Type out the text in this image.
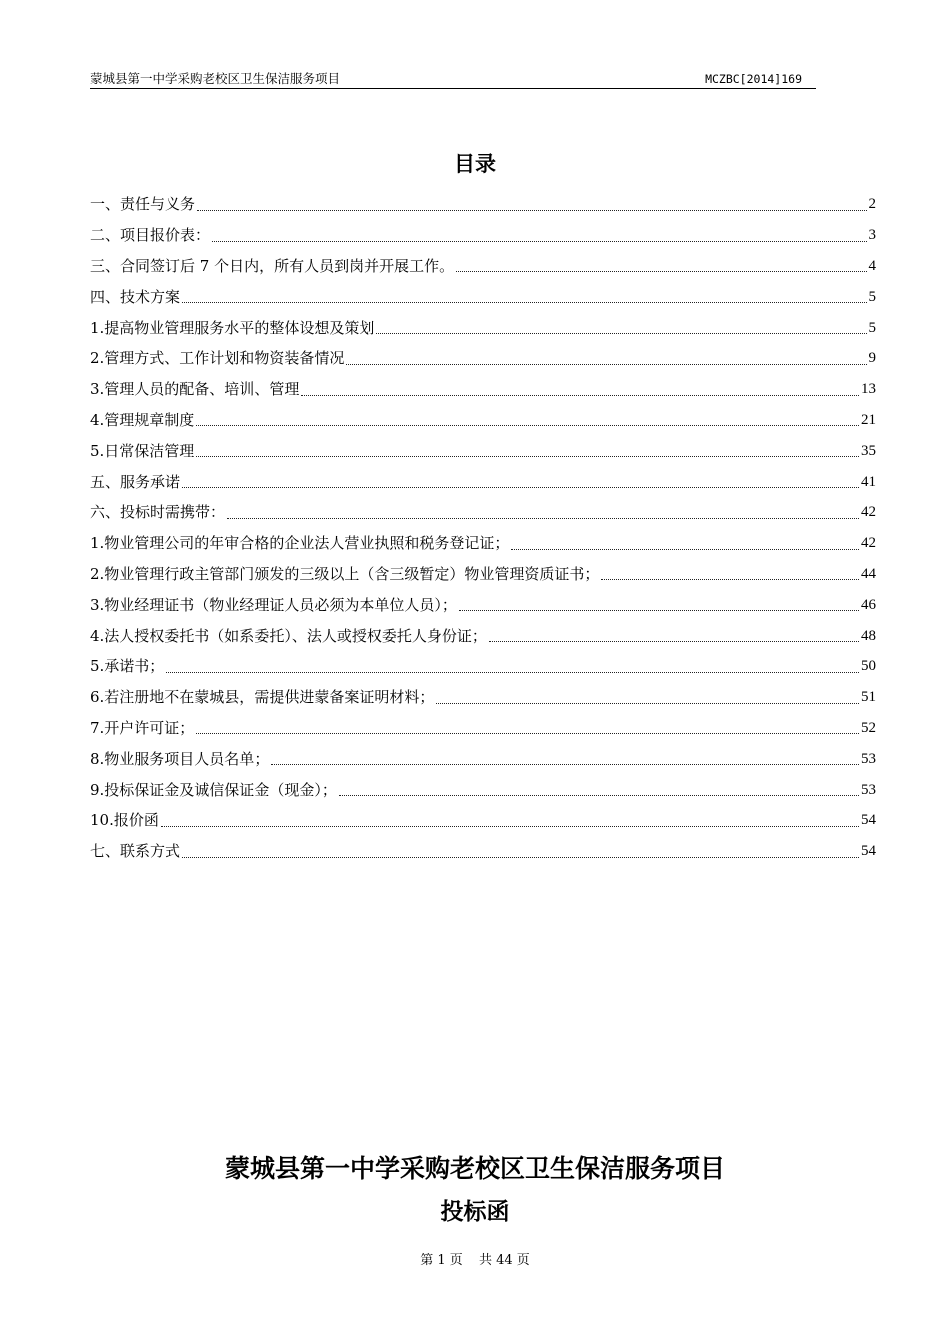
蒙城县第一中学采购老校区卫生保洁服务项目	MCZBC[2014]169
目录
一、责任与义务	2
二、项目报价表：	3
三、合同签订后 7 个日内，所有人员到岗并开展工作。	4
四、技术方案	5
1.提高物业管理服务水平的整体设想及策划	5
2.管理方式、工作计划和物资装备情况	9
3.管理人员的配备、培训、管理	13
4.管理规章制度	21
5.日常保洁管理	35
五、服务承诺	41
六、投标时需携带：	42
1.物业管理公司的年审合格的企业法人营业执照和税务登记证；	42
2.物业管理行政主管部门颁发的三级以上（含三级暂定）物业管理资质证书；	44
3.物业经理证书（物业经理证人员必须为本单位人员）；	46
4.法人授权委托书（如系委托）、法人或授权委托人身份证；	48
5.承诺书；	50
6.若注册地不在蒙城县，需提供进蒙备案证明材料；	51
7.开户许可证；	52
8.物业服务项目人员名单；	53
9.投标保证金及诚信保证金（现金）；	53
10.报价函	54
七、联系方式	54
蒙城县第一中学采购老校区卫生保洁服务项目
投标函
第 1 页 共 44 页
